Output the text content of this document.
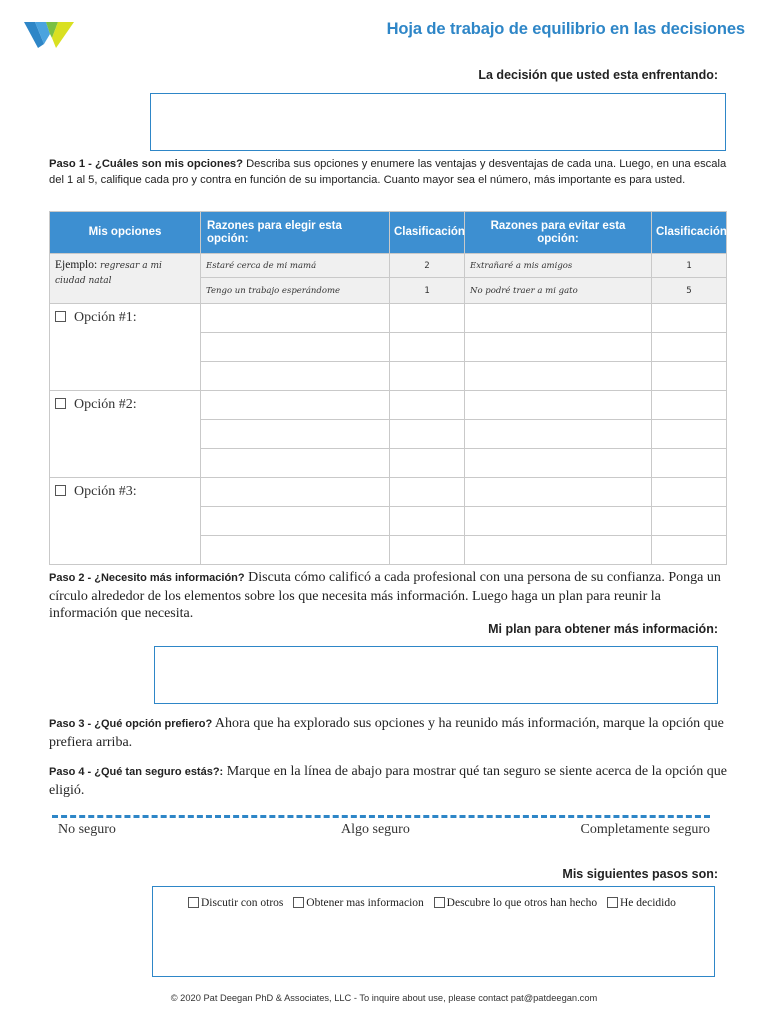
Hoja de trabajo de equilibrio en las decisiones
La decisión que usted esta enfrentando:
Paso 1 - ¿Cuáles son mis opciones? Describa sus opciones y enumere las ventajas y desventajas de cada una. Luego, en una escala del 1 al 5, califique cada pro y contra en función de su importancia. Cuanto mayor sea el número, más importante es para usted.
Mis opciones	Razones para elegir esta opción:	Clasificación	Razones para evitar esta opción:	Clasificación
Ejemplo: regresar a mi ciudad natal	Estaré cerca de mi mamá	2	Extrañaré a mis amigos	1
	Tengo un trabajo esperándome	1	No podré traer a mi gato	5
Opción #1:				

Opción #2:				

Opción #3:				

Paso 2 - ¿Necesito más información? Discuta cómo calificó a cada profesional con una persona de su confianza. Ponga un círculo alrededor de los elementos sobre los que necesita más información. Luego haga un plan para reunir la información que necesita.
Mi plan para obtener más información:
Paso 3 - ¿Qué opción prefiero? Ahora que ha explorado sus opciones y ha reunido más información, marque la opción que prefiera arriba.
Paso 4 - ¿Qué tan seguro estás?: Marque en la línea de abajo para mostrar qué tan seguro se siente acerca de la opción que eligió.
No seguro	Algo seguro	Completamente seguro
Mis siguientes pasos son:
Discutir con otros Obtener mas informacion Descubre lo que otros han hecho He decidido
© 2020 Pat Deegan PhD & Associates, LLC - To inquire about use, please contact pat@patdeegan.com
